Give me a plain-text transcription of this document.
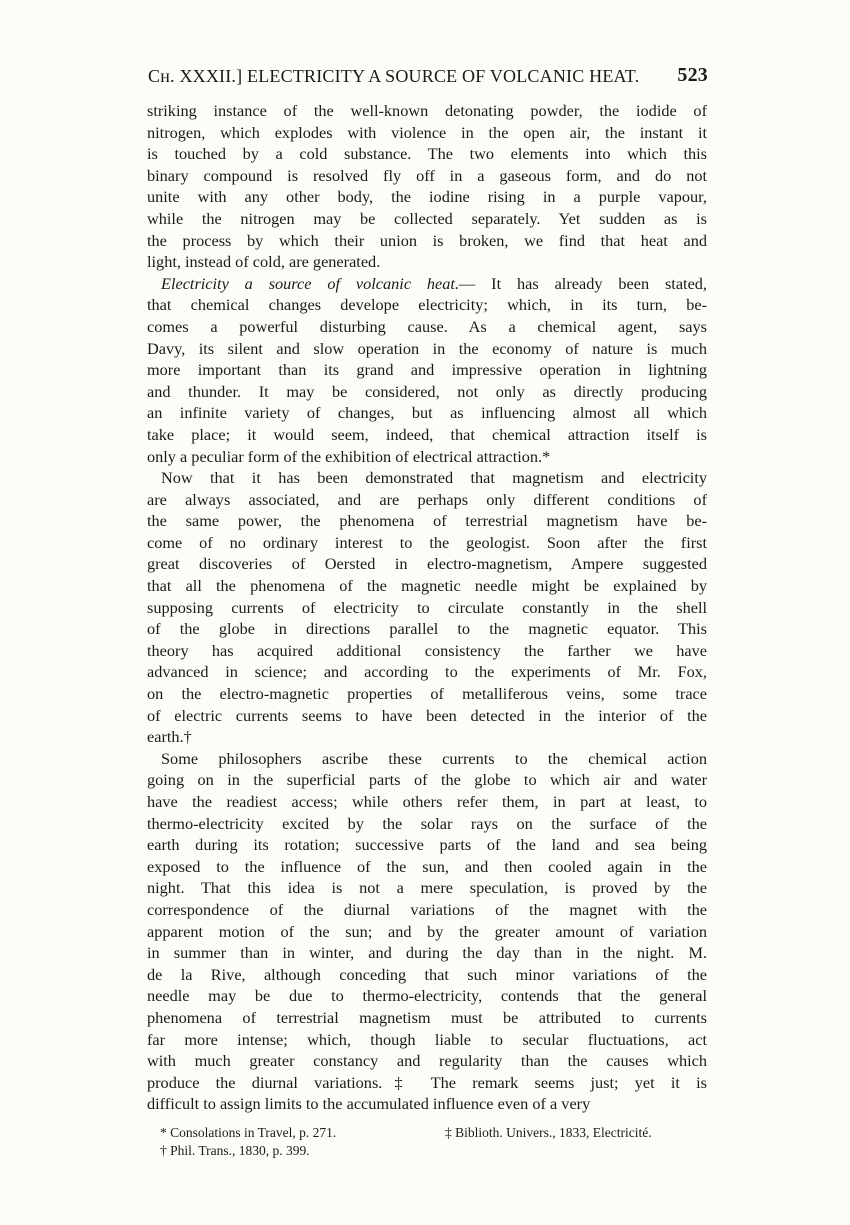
Cʜ. XXXII.] ELECTRICITY A SOURCE OF VOLCANIC HEAT. 523
striking instance of the well-known detonating powder, the iodide of
nitrogen, which explodes with violence in the open air, the instant it
is touched by a cold substance. The two elements into which this
binary compound is resolved fly off in a gaseous form, and do not
unite with any other body, the iodine rising in a purple vapour,
while the nitrogen may be collected separately. Yet sudden as is
the process by which their union is broken, we find that heat and
light, instead of cold, are generated.
Electricity a source of volcanic heat.— It has already been stated,
that chemical changes develope electricity; which, in its turn, be-
comes a powerful disturbing cause. As a chemical agent, says
Davy, its silent and slow operation in the economy of nature is much
more important than its grand and impressive operation in lightning
and thunder. It may be considered, not only as directly producing
an infinite variety of changes, but as influencing almost all which
take place; it would seem, indeed, that chemical attraction itself is
only a peculiar form of the exhibition of electrical attraction.*
Now that it has been demonstrated that magnetism and electricity
are always associated, and are perhaps only different conditions of
the same power, the phenomena of terrestrial magnetism have be-
come of no ordinary interest to the geologist. Soon after the first
great discoveries of Oersted in electro-magnetism, Ampere suggested
that all the phenomena of the magnetic needle might be explained by
supposing currents of electricity to circulate constantly in the shell
of the globe in directions parallel to the magnetic equator. This
theory has acquired additional consistency the farther we have
advanced in science; and according to the experiments of Mr. Fox,
on the electro-magnetic properties of metalliferous veins, some trace
of electric currents seems to have been detected in the interior of the
earth.†
Some philosophers ascribe these currents to the chemical action
going on in the superficial parts of the globe to which air and water
have the readiest access; while others refer them, in part at least, to
thermo-electricity excited by the solar rays on the surface of the
earth during its rotation; successive parts of the land and sea being
exposed to the influence of the sun, and then cooled again in the
night. That this idea is not a mere speculation, is proved by the
correspondence of the diurnal variations of the magnet with the
apparent motion of the sun; and by the greater amount of variation
in summer than in winter, and during the day than in the night. M.
de la Rive, although conceding that such minor variations of the
needle may be due to thermo-electricity, contends that the general
phenomena of terrestrial magnetism must be attributed to currents
far more intense; which, though liable to secular fluctuations, act
with much greater constancy and regularity than the causes which
produce the diurnal variations.‡ The remark seems just; yet it is
difficult to assign limits to the accumulated influence even of a very
* Consolations in Travel, p. 271.
† Phil. Trans., 1830, p. 399.
‡ Biblioth. Univers., 1833, Electricité.
